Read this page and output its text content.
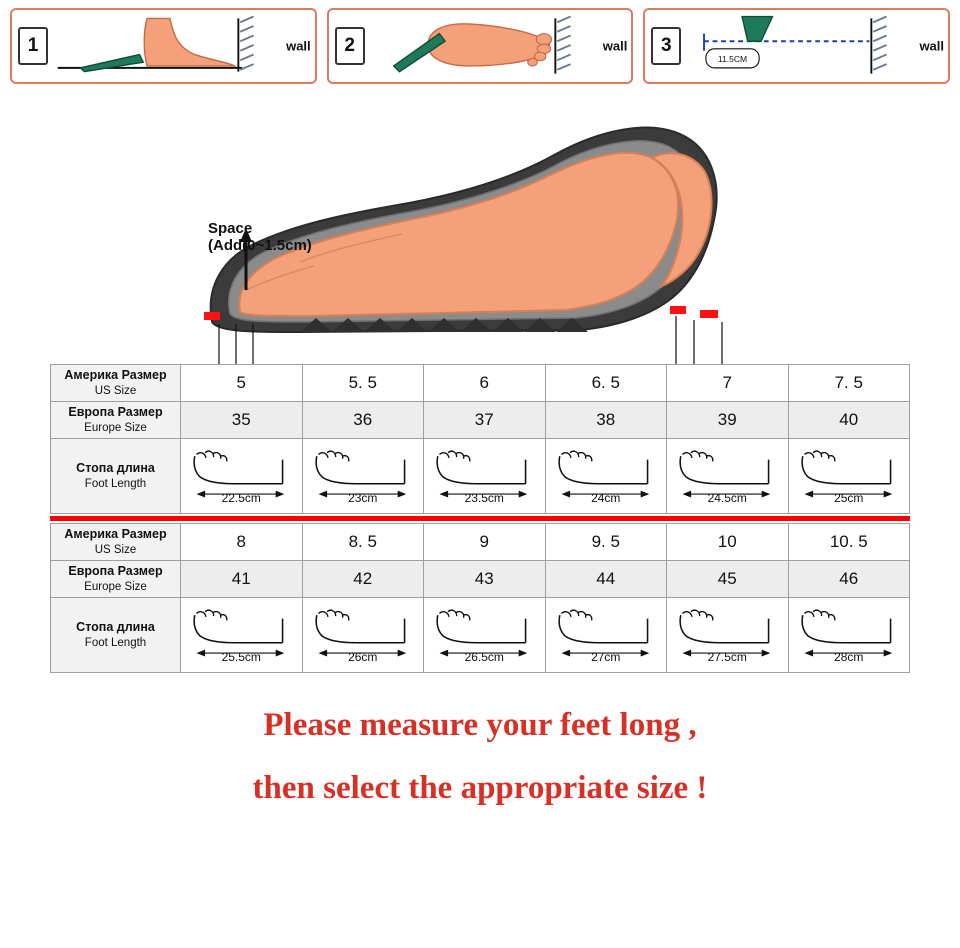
1	wall	2	wall	3
11.5CM
wall
Space
(Add(0~1.5cm)
Америка Размер
US Size	5	5. 5	6	6. 5	7	7. 5

Европа Размер
Europe Size	35	36	37	38	39	40

Стопа длина
Foot Length	22.5cm	23cm	23.5cm	24cm	24.5cm	25cm
Америка Размер
US Size	8	8. 5	9	9. 5	10	10. 5

Европа Размер
Europe Size	41	42	43	44	45	46

Стопа длина
Foot Length	25.5cm	26cm	26.5cm	27cm	27.5cm	28cm
Please measure your feet long ,
then select the appropriate size !
